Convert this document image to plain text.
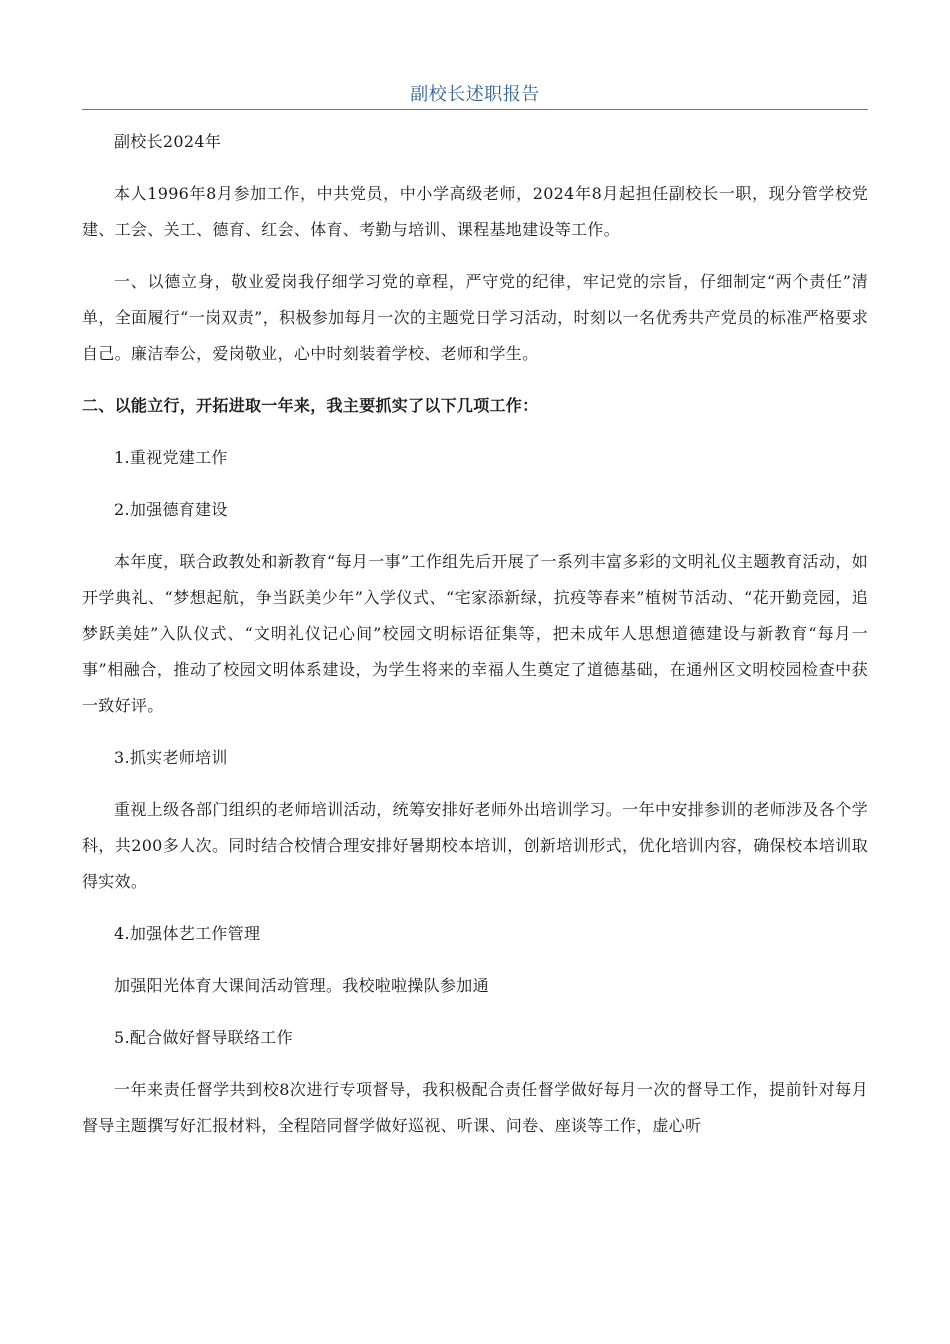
副校长述职报告

副校长2024年

本人1996年8月参加工作，中共党员，中小学高级老师，2024年8月起担任副校长一职，现分管学校党建、工会、关工、德育、红会、体育、考勤与培训、课程基地建设等工作。

一、以德立身，敬业爱岗我仔细学习党的章程，严守党的纪律，牢记党的宗旨，仔细制定“两个责任”清单，全面履行“一岗双责”，积极参加每月一次的主题党日学习活动，时刻以一名优秀共产党员的标准严格要求自己。廉洁奉公，爱岗敬业，心中时刻装着学校、老师和学生。

二、以能立行，开拓进取一年来，我主要抓实了以下几项工作：

1.重视党建工作

2.加强德育建设

本年度，联合政教处和新教育“每月一事”工作组先后开展了一系列丰富多彩的文明礼仪主题教育活动，如开学典礼、“梦想起航，争当跃美少年”入学仪式、“宅家添新绿，抗疫等春来”植树节活动、“花开勤竞园，追梦跃美娃”入队仪式、“文明礼仪记心间”校园文明标语征集等，把未成年人思想道德建设与新教育“每月一事”相融合，推动了校园文明体系建设，为学生将来的幸福人生奠定了道德基础，在通州区文明校园检查中获一致好评。

3.抓实老师培训

重视上级各部门组织的老师培训活动，统筹安排好老师外出培训学习。一年中安排参训的老师涉及各个学科，共200多人次。同时结合校情合理安排好暑期校本培训，创新培训形式，优化培训内容，确保校本培训取得实效。

4.加强体艺工作管理

加强阳光体育大课间活动管理。我校啦啦操队参加通

5.配合做好督导联络工作

一年来责任督学共到校8次进行专项督导，我积极配合责任督学做好每月一次的督导工作，提前针对每月督导主题撰写好汇报材料，全程陪同督学做好巡视、听课、问卷、座谈等工作，虚心听
